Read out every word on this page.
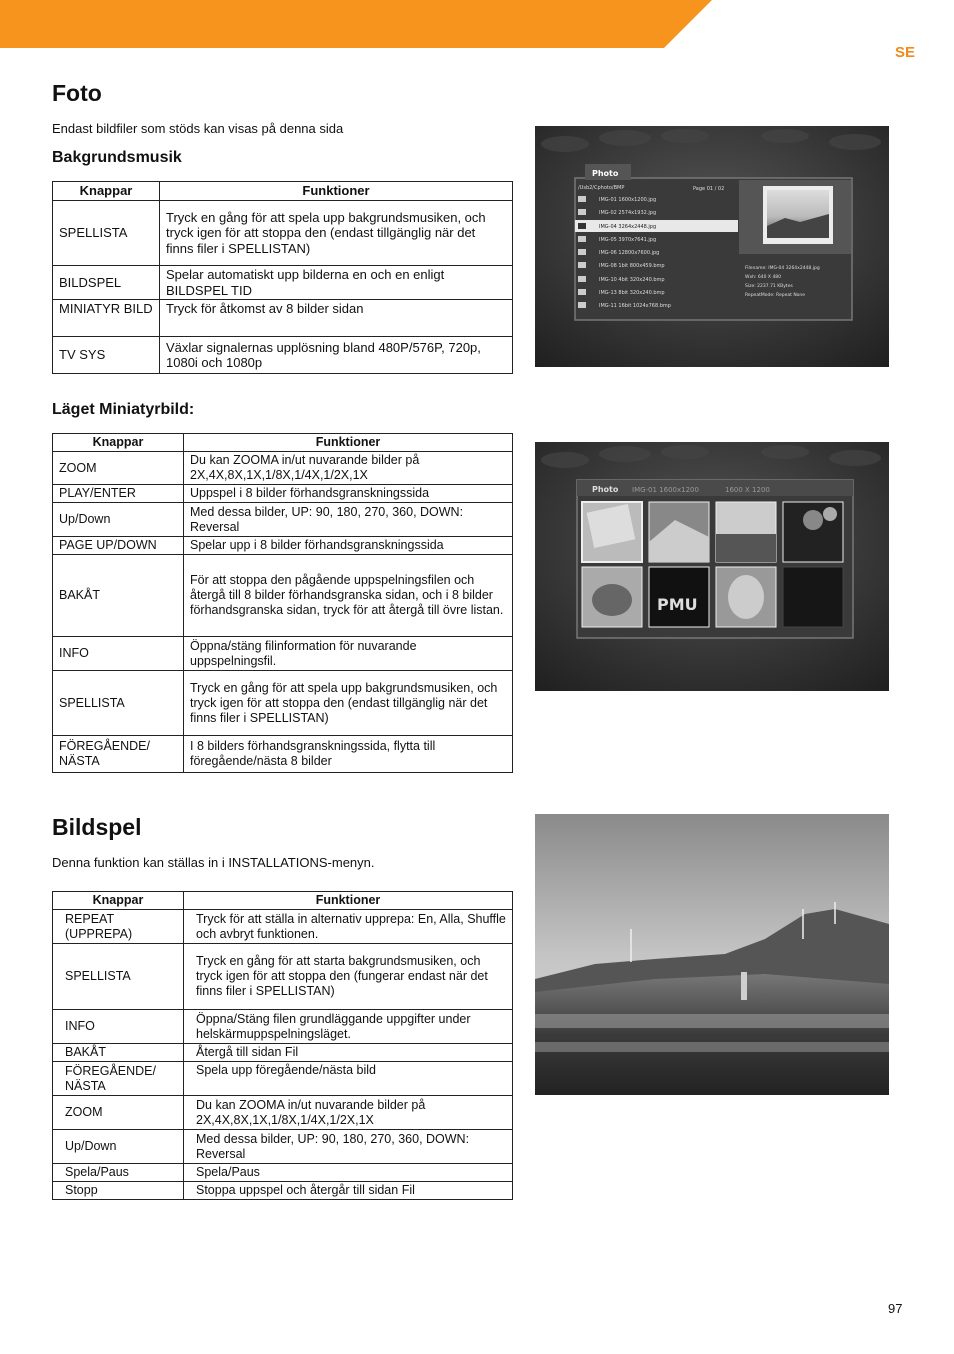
SE
Foto
Endast bildfiler som stöds kan visas på denna sida
Bakgrundsmusik
Knappar	Funktioner
SPELLISTA	Tryck en gång för att spela upp bakgrundsmusiken, och tryck igen för att stoppa den (endast tillgänglig när det finns filer i SPELLISTAN)
BILDSPEL	Spelar automatiskt upp bilderna en och en enligt BILDSPEL TID
MINIATYR BILD	Tryck för åtkomst av 8 bilder sidan
TV SYS	Växlar signalernas upplösning bland 480P/576P, 720p, 1080i och 1080p
Läget Miniatyrbild:
Knappar	Funktioner
ZOOM	Du kan ZOOMA in/ut nuvarande bilder på 2X,4X,8X,1X,1/8X,1/4X,1/2X,1X
PLAY/ENTER	Uppspel i 8 bilder förhandsgranskningssida
Up/Down	Med dessa bilder, UP: 90, 180, 270, 360, DOWN: Reversal
PAGE UP/DOWN	Spelar upp i 8 bilder förhandsgranskningssida
BAKÅT	För att stoppa den pågående uppspelningsfilen och återgå till 8 bilder förhandsgranska sidan, och i 8 bilder förhandsgranska sidan, tryck för att återgå till övre listan.
INFO	Öppna/stäng filinformation för nuvarande uppspelningsfil.
SPELLISTA	Tryck en gång för att spela upp bakgrundsmusiken, och tryck igen för att stoppa den (endast tillgänglig när det finns filer i SPELLISTAN)
FÖREGÅENDE/ NÄSTA	I 8 bilders förhandsgranskningssida, flytta till föregående/nästa 8 bilder
Bildspel
Denna funktion kan ställas in i INSTALLATIONS-menyn.
Knappar	Funktioner
REPEAT (UPPREPA)	Tryck för att ställa in alternativ upprepa: En, Alla, Shuffle och avbryt funktionen.
SPELLISTA	Tryck en gång för att starta bakgrundsmusiken, och tryck igen för att stoppa den (fungerar endast när det finns filer i SPELLISTAN)
INFO	Öppna/Stäng filen grundläggande uppgifter under helskärmuppspelningsläget.
BAKÅT	Återgå till sidan Fil
FÖREGÅENDE/ NÄSTA	Spela upp föregående/nästa bild
ZOOM	Du kan ZOOMA in/ut nuvarande bilder på 2X,4X,8X,1X,1/8X,1/4X,1/2X,1X
Up/Down	Med dessa bilder, UP: 90, 180, 270, 360, DOWN: Reversal
Spela/Paus	Spela/Paus
Stopp	Stoppa uppspel och återgår till sidan Fil
Photo
/Usb2/Cphoto/BMP	Page 01 / 02
IMG-01 1600x1200.jpg
IMG-02 2574x1932.jpg
IMG-04 3264x2448.jpg
IMG-05 3970x7641.jpg
IMG-06 12800x7600.jpg
IMG-08 1bit 800x459.bmp
IMG-10 4bit 320x240.bmp
IMG-13 8bit 320x240.bmp
IMG-11 16bit 1024x768.bmp
Filename: IMG-04 3264x2448.jpg
Wxh: 640 X 480
Size: 2237.71 KBytes
RepeatMode: Repeat None
Photo IMG-01 1600x1200	1600 X 1200
PMU
97
